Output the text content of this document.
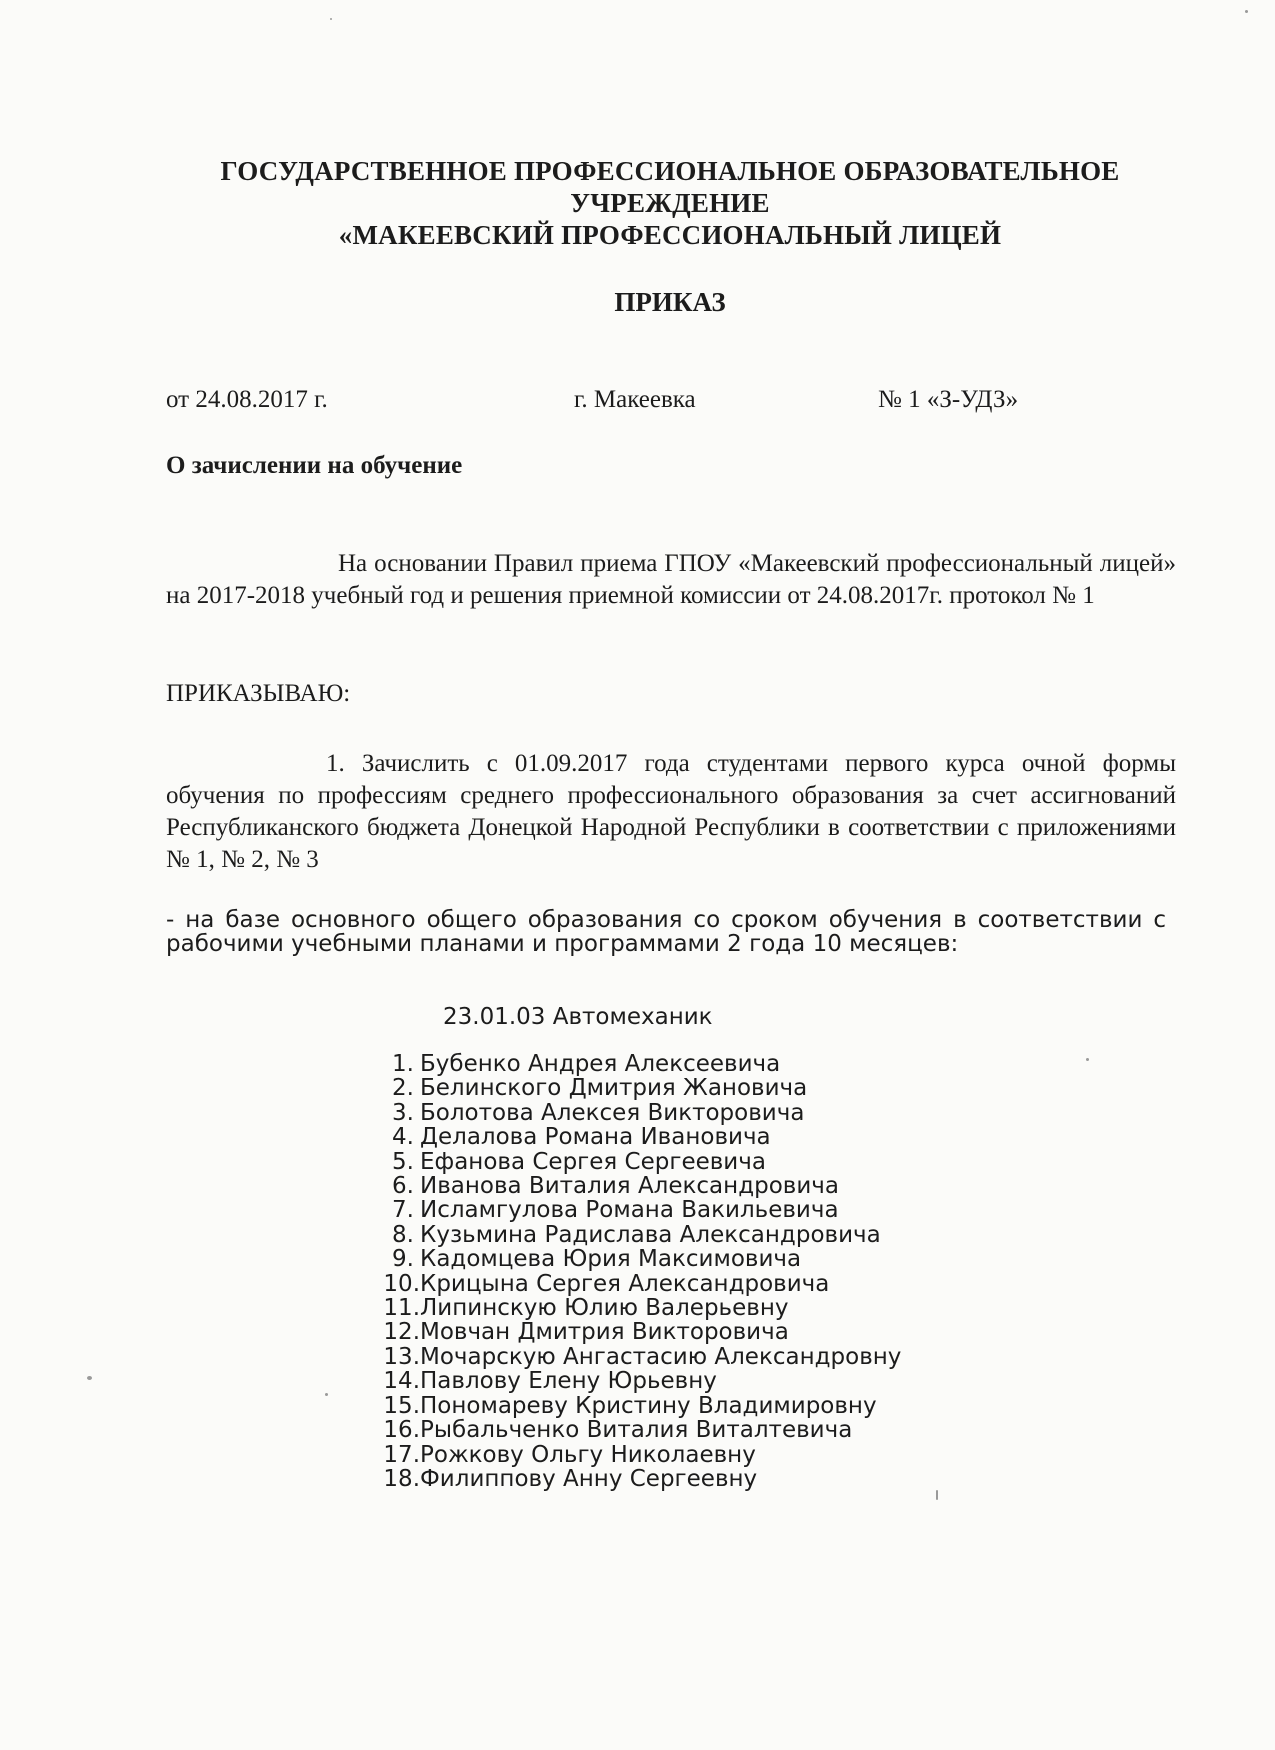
ГОСУДАРСТВЕННОЕ ПРОФЕССИОНАЛЬНОЕ ОБРАЗОВАТЕЛЬНОЕ
УЧРЕЖДЕНИЕ
«МАКЕЕВСКИЙ ПРОФЕССИОНАЛЬНЫЙ ЛИЦЕЙ
ПРИКАЗ
от 24.08.2017 г.	г. Макеевка	№ 1 «З-УДЗ»
О зачислении на обучение
На основании Правил приема ГПОУ «Макеевский профессиональный лицей» на 2017-2018 учебный год и решения приемной комиссии от 24.08.2017г. протокол № 1
ПРИКАЗЫВАЮ:
1. Зачислить с 01.09.2017 года студентами первого курса очной формы обучения по профессиям среднего профессионального образования за счет ассигнований Республиканского бюджета Донецкой Народной Республики в соответствии с приложениями № 1, № 2, № 3
- на базе основного общего образования со сроком обучения в соответствии с рабочими учебными планами и программами 2 года 10 месяцев:
23.01.03 Автомеханик
1. Бубенко Андрея Алексеевича
2. Белинского Дмитрия Жановича
3. Болотова Алексея Викторовича
4. Делалова Романа Ивановича
5. Ефанова Сергея Сергеевича
6. Иванова Виталия Александровича
7. Исламгулова Романа Вакильевича
8. Кузьмина Радислава Александровича
9. Кадомцева Юрия Максимовича
10. Крицына Сергея Александровича
11. Липинскую Юлию Валерьевну
12. Мовчан Дмитрия Викторовича
13. Мочарскую Ангастасию Александровну
14. Павлову Елену Юрьевну
15. Пономареву Кристину Владимировну
16. Рыбальченко Виталия Виталтевича
17. Рожкову Ольгу Николаевну
18. Филиппову Анну Сергеевну
